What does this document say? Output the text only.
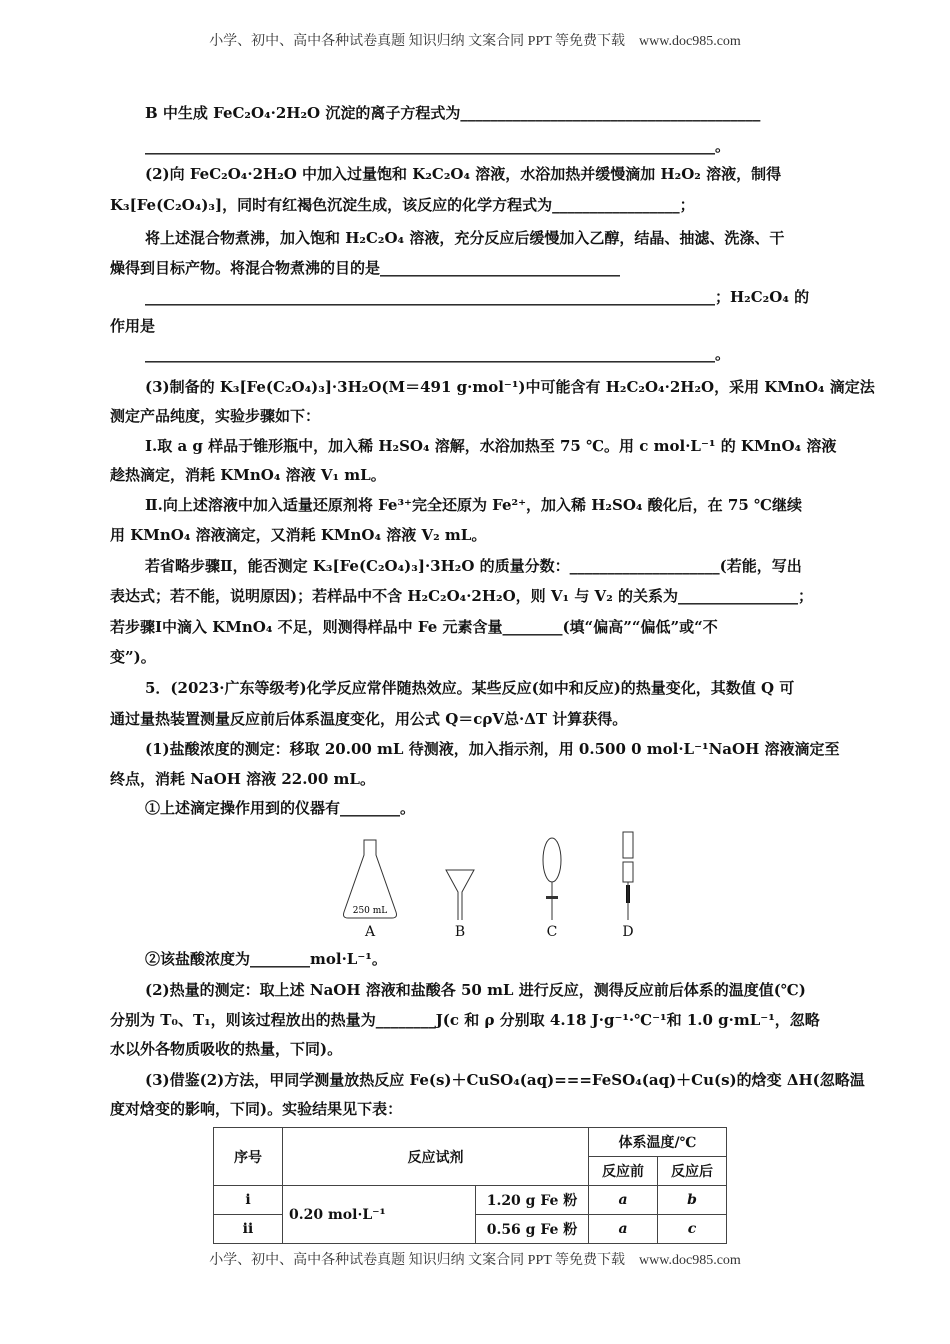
小学、初中、高中各种试卷真题 知识归纳 文案合同 PPT 等免费下载　www.doc985.com
B 中生成 FeC₂O₄·2H₂O 沉淀的离子方程式为________________________________________
____________________________________________________________________________。
(2)向 FeC₂O₄·2H₂O 中加入过量饱和 K₂C₂O₄ 溶液，水浴加热并缓慢滴加 H₂O₂ 溶液，制得
K₃[Fe(C₂O₄)₃]，同时有红褐色沉淀生成，该反应的化学方程式为_________________；
将上述混合物煮沸，加入饱和 H₂C₂O₄ 溶液，充分反应后缓慢加入乙醇，结晶、抽滤、洗涤、干
燥得到目标产物。将混合物煮沸的目的是________________________________
____________________________________________________________________________；H₂C₂O₄ 的
作用是
____________________________________________________________________________。
(3)制备的 K₃[Fe(C₂O₄)₃]·3H₂O(M＝491 g·mol⁻¹)中可能含有 H₂C₂O₄·2H₂O，采用 KMnO₄ 滴定法
测定产品纯度，实验步骤如下：
Ⅰ.取 a g 样品于锥形瓶中，加入稀 H₂SO₄ 溶解，水浴加热至 75 ℃。用 c mol·L⁻¹ 的 KMnO₄ 溶液
趁热滴定，消耗 KMnO₄ 溶液 V₁ mL。
Ⅱ.向上述溶液中加入适量还原剂将 Fe³⁺完全还原为 Fe²⁺，加入稀 H₂SO₄ 酸化后，在 75 ℃继续
用 KMnO₄ 溶液滴定，又消耗 KMnO₄ 溶液 V₂ mL。
若省略步骤Ⅱ，能否测定 K₃[Fe(C₂O₄)₃]·3H₂O 的质量分数：____________________(若能，写出
表达式；若不能，说明原因)；若样品中不含 H₂C₂O₄·2H₂O，则 V₁ 与 V₂ 的关系为________________；
若步骤Ⅰ中滴入 KMnO₄ 不足，则测得样品中 Fe 元素含量________(填“偏高”“偏低”或“不
变”)。
5．(2023·广东等级考)化学反应常伴随热效应。某些反应(如中和反应)的热量变化，其数值 Q 可
通过量热装置测量反应前后体系温度变化，用公式 Q＝cρV总·ΔT 计算获得。
(1)盐酸浓度的测定：移取 20.00 mL 待测液，加入指示剂，用 0.500 0 mol·L⁻¹NaOH 溶液滴定至
终点，消耗 NaOH 溶液 22.00 mL。
①上述滴定操作用到的仪器有________。
250 mL
A	B	C	D
②该盐酸浓度为________mol·L⁻¹。
(2)热量的测定：取上述 NaOH 溶液和盐酸各 50 mL 进行反应，测得反应前后体系的温度值(℃)
分别为 T₀、T₁，则该过程放出的热量为________J(c 和 ρ 分别取 4.18 J·g⁻¹·℃⁻¹和 1.0 g·mL⁻¹，忽略
水以外各物质吸收的热量，下同)。
(3)借鉴(2)方法，甲同学测量放热反应 Fe(s)＋CuSO₄(aq)===FeSO₄(aq)＋Cu(s)的焓变 ΔH(忽略温
度对焓变的影响，下同)。实验结果见下表：
序号	反应试剂		体系温度/℃	
			反应前	反应后
ⅰ	0.20 mol·L⁻¹	1.20 g Fe 粉	a	b
ⅱ		0.56 g Fe 粉	a	c
小学、初中、高中各种试卷真题 知识归纳 文案合同 PPT 等免费下载　www.doc985.com
